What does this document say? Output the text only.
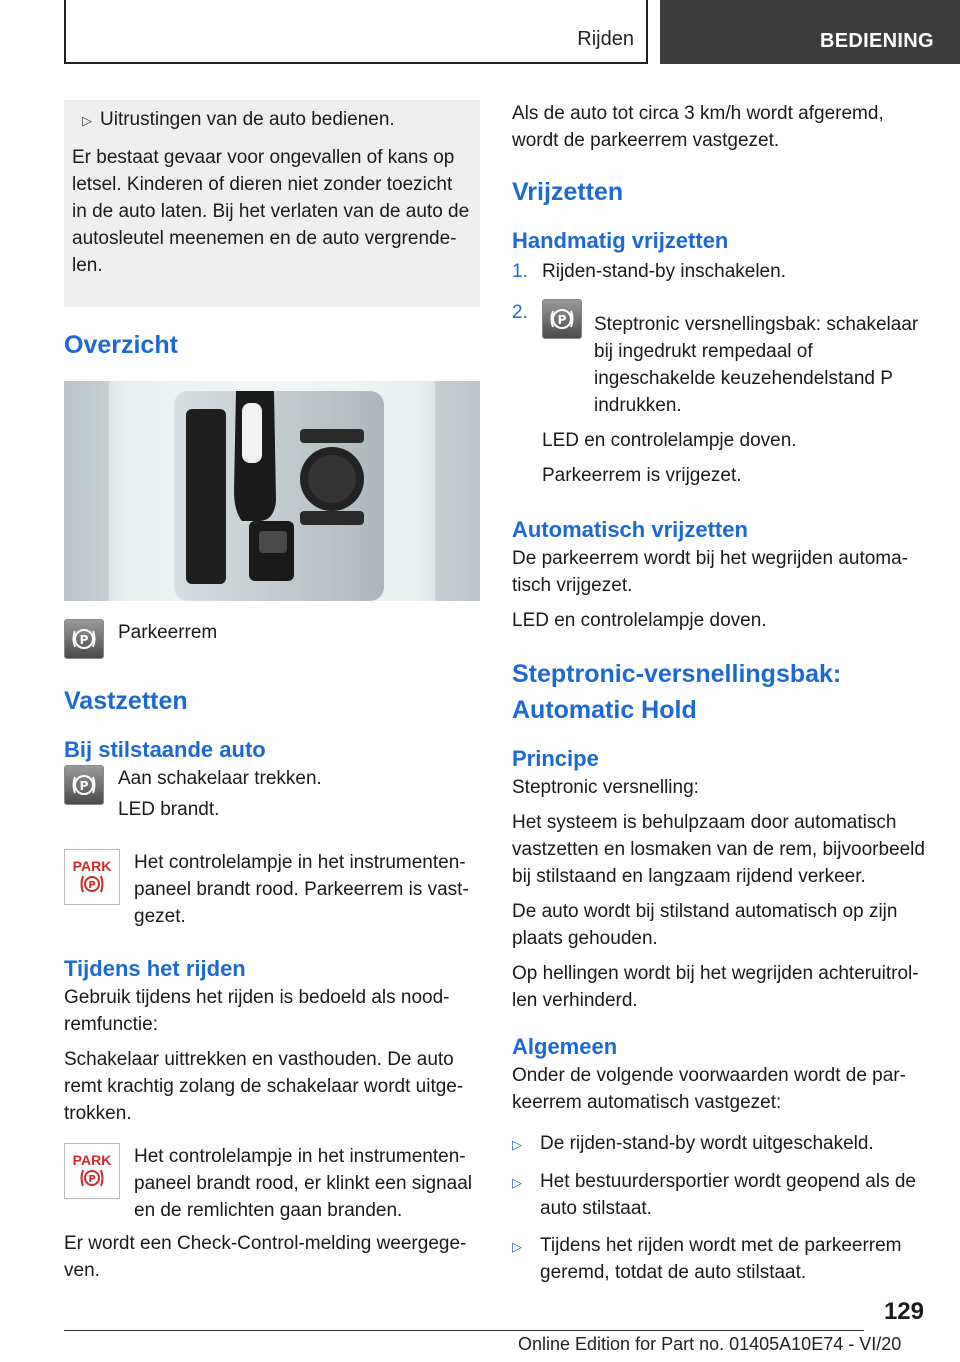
Rijden	BEDIENING
▷ Uitrustingen van de auto bedienen.

Er bestaat gevaar voor ongevallen of kans op letsel. Kinderen of dieren niet zonder toezicht in de auto laten. Bij het verlaten van de auto de autosleutel meenemen en de auto vergrende-len.

Overzicht
P Parkeerrem
Vastzetten
Bij stilstaande auto
P Aan schakelaar trekken.

LED brandt.

PARK
P

Het controlelampje in het instrumenten-paneel brandt rood. Parkeerrem is vast-gezet.

Tijdens het rijden

Gebruik tijdens het rijden is bedoeld als nood-remfunctie:

Schakelaar uittrekken en vasthouden. De auto remt krachtig zolang de schakelaar wordt uitge-trokken.

PARK
P

Het controlelampje in het instrumenten-paneel brandt rood, er klinkt een signaal en de remlichten gaan branden.

Er wordt een Check-Control-melding weergege-ven.

Als de auto tot circa 3 km/h wordt afgeremd, wordt de parkeerrem vastgezet.

Vrijzetten
Handmatig vrijzetten
1. Rijden-stand-by inschakelen.
2.	P Steptronic versnellingsbak: schakelaar bij ingedrukt rempedaal of ingeschakelde keuzehendelstand P indrukken.

LED en controlelampje doven.

Parkeerrem is vrijgezet.

Automatisch vrijzetten

De parkeerrem wordt bij het wegrijden automa-tisch vrijgezet.

LED en controlelampje doven.

Steptronic-versnellingsbak: Automatic Hold
Principe

Steptronic versnelling:

Het systeem is behulpzaam door automatisch vastzetten en losmaken van de rem, bijvoorbeeld bij stilstaand en langzaam rijdend verkeer.

De auto wordt bij stilstand automatisch op zijn plaats gehouden.

Op hellingen wordt bij het wegrijden achteruitrol-len verhinderd.

Algemeen

Onder de volgende voorwaarden wordt de par-keerrem automatisch vastgezet:

▷ De rijden-stand-by wordt uitgeschakeld.
▷ Het bestuurdersportier wordt geopend als de auto stilstaat.
▷ Tijdens het rijden wordt met de parkeerrem geremd, totdat de auto stilstaat.
129
Online Edition for Part no. 01405A10E74 - VI/20
